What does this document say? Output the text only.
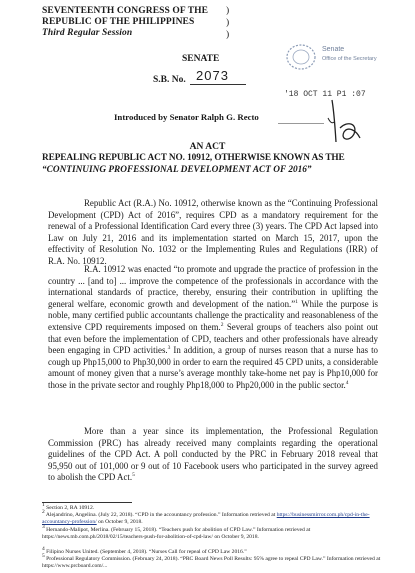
SEVENTEENTH CONGRESS OF THE
REPUBLIC OF THE PHILIPPINES
Third Regular Session
)
)
)
Senate
Office of the Secretary
SENATE
S.B. No. 2073
'18 OCT 11 P1 :07
Introduced by Senator Ralph G. Recto
AN ACT
REPEALING REPUBLIC ACT NO. 10912, OTHERWISE KNOWN AS THE
“CONTINUING PROFESSIONAL DEVELOPMENT ACT OF 2016”
Republic Act (R.A.) No. 10912, otherwise known as the “Continuing Professional Development (CPD) Act of 2016”, requires CPD as a mandatory requirement for the renewal of a Professional Identification Card every three (3) years. The CPD Act lapsed into Law on July 21, 2016 and its implementation started on March 15, 2017, upon the effectivity of Resolution No. 1032 or the Implementing Rules and Regulations (IRR) of R.A. No. 10912.
R.A. 10912 was enacted “to promote and upgrade the practice of profession in the country ... [and to] ... improve the competence of the professionals in accordance with the international standards of practice, thereby, ensuring their contribution in uplifting the general welfare, economic growth and development of the nation.”$^1$ While the purpose is noble, many certified public accountants challenge the practicality and reasonableness of the extensive CPD requirements imposed on them.$^2$ Several groups of teachers also point out that even before the implementation of CPD, teachers and other professionals have already been engaging in CPD activities.$^3$ In addition, a group of nurses reason that a nurse has to cough up Php15,000 to Php30,000 in order to earn the required 45 CPD units, a considerable amount of money given that a nurse’s average monthly take-home net pay is Php10,000 for those in the private sector and roughly Php18,000 to Php20,000 in the public sector.$^4$
More than a year since its implementation, the Professional Regulation Commission (PRC) has already received many complaints regarding the operational guidelines of the CPD Act. A poll conducted by the PRC in February 2018 reveal that 95,950 out of 101,000 or 9 out of 10 Facebook users who participated in the survey agreed to abolish the CPD Act.$^5$
$^1$ Section 2, RA 10912.
$^2$ Alejandrino, Angelina. (July 22, 2018). “CPD in the accountancy profession.” Information retrieved at https://businessmirror.com.ph/cpd-in-the-accountancy-profession/ on October 9, 2018.
$^3$ Hernando-Malipot, Merlina. (February 15, 2018). “Teachers push for abolition of CPD Law.” Information retrieved at https://news.mb.com.ph/2018/02/15/teachers-push-for-abolition-of-cpd-law/ on October 9, 2018.
$^4$ Filipino Nurses United. (September 4, 2018). “Nurses Call for repeal of CPD Law 2016.”
$^5$ Professional Regulatory Commission. (February 24, 2018). “PRC Board News Poll Results: 95% agree to repeal CPD Law.” Information retrieved at https://www.prcboard.com/...
